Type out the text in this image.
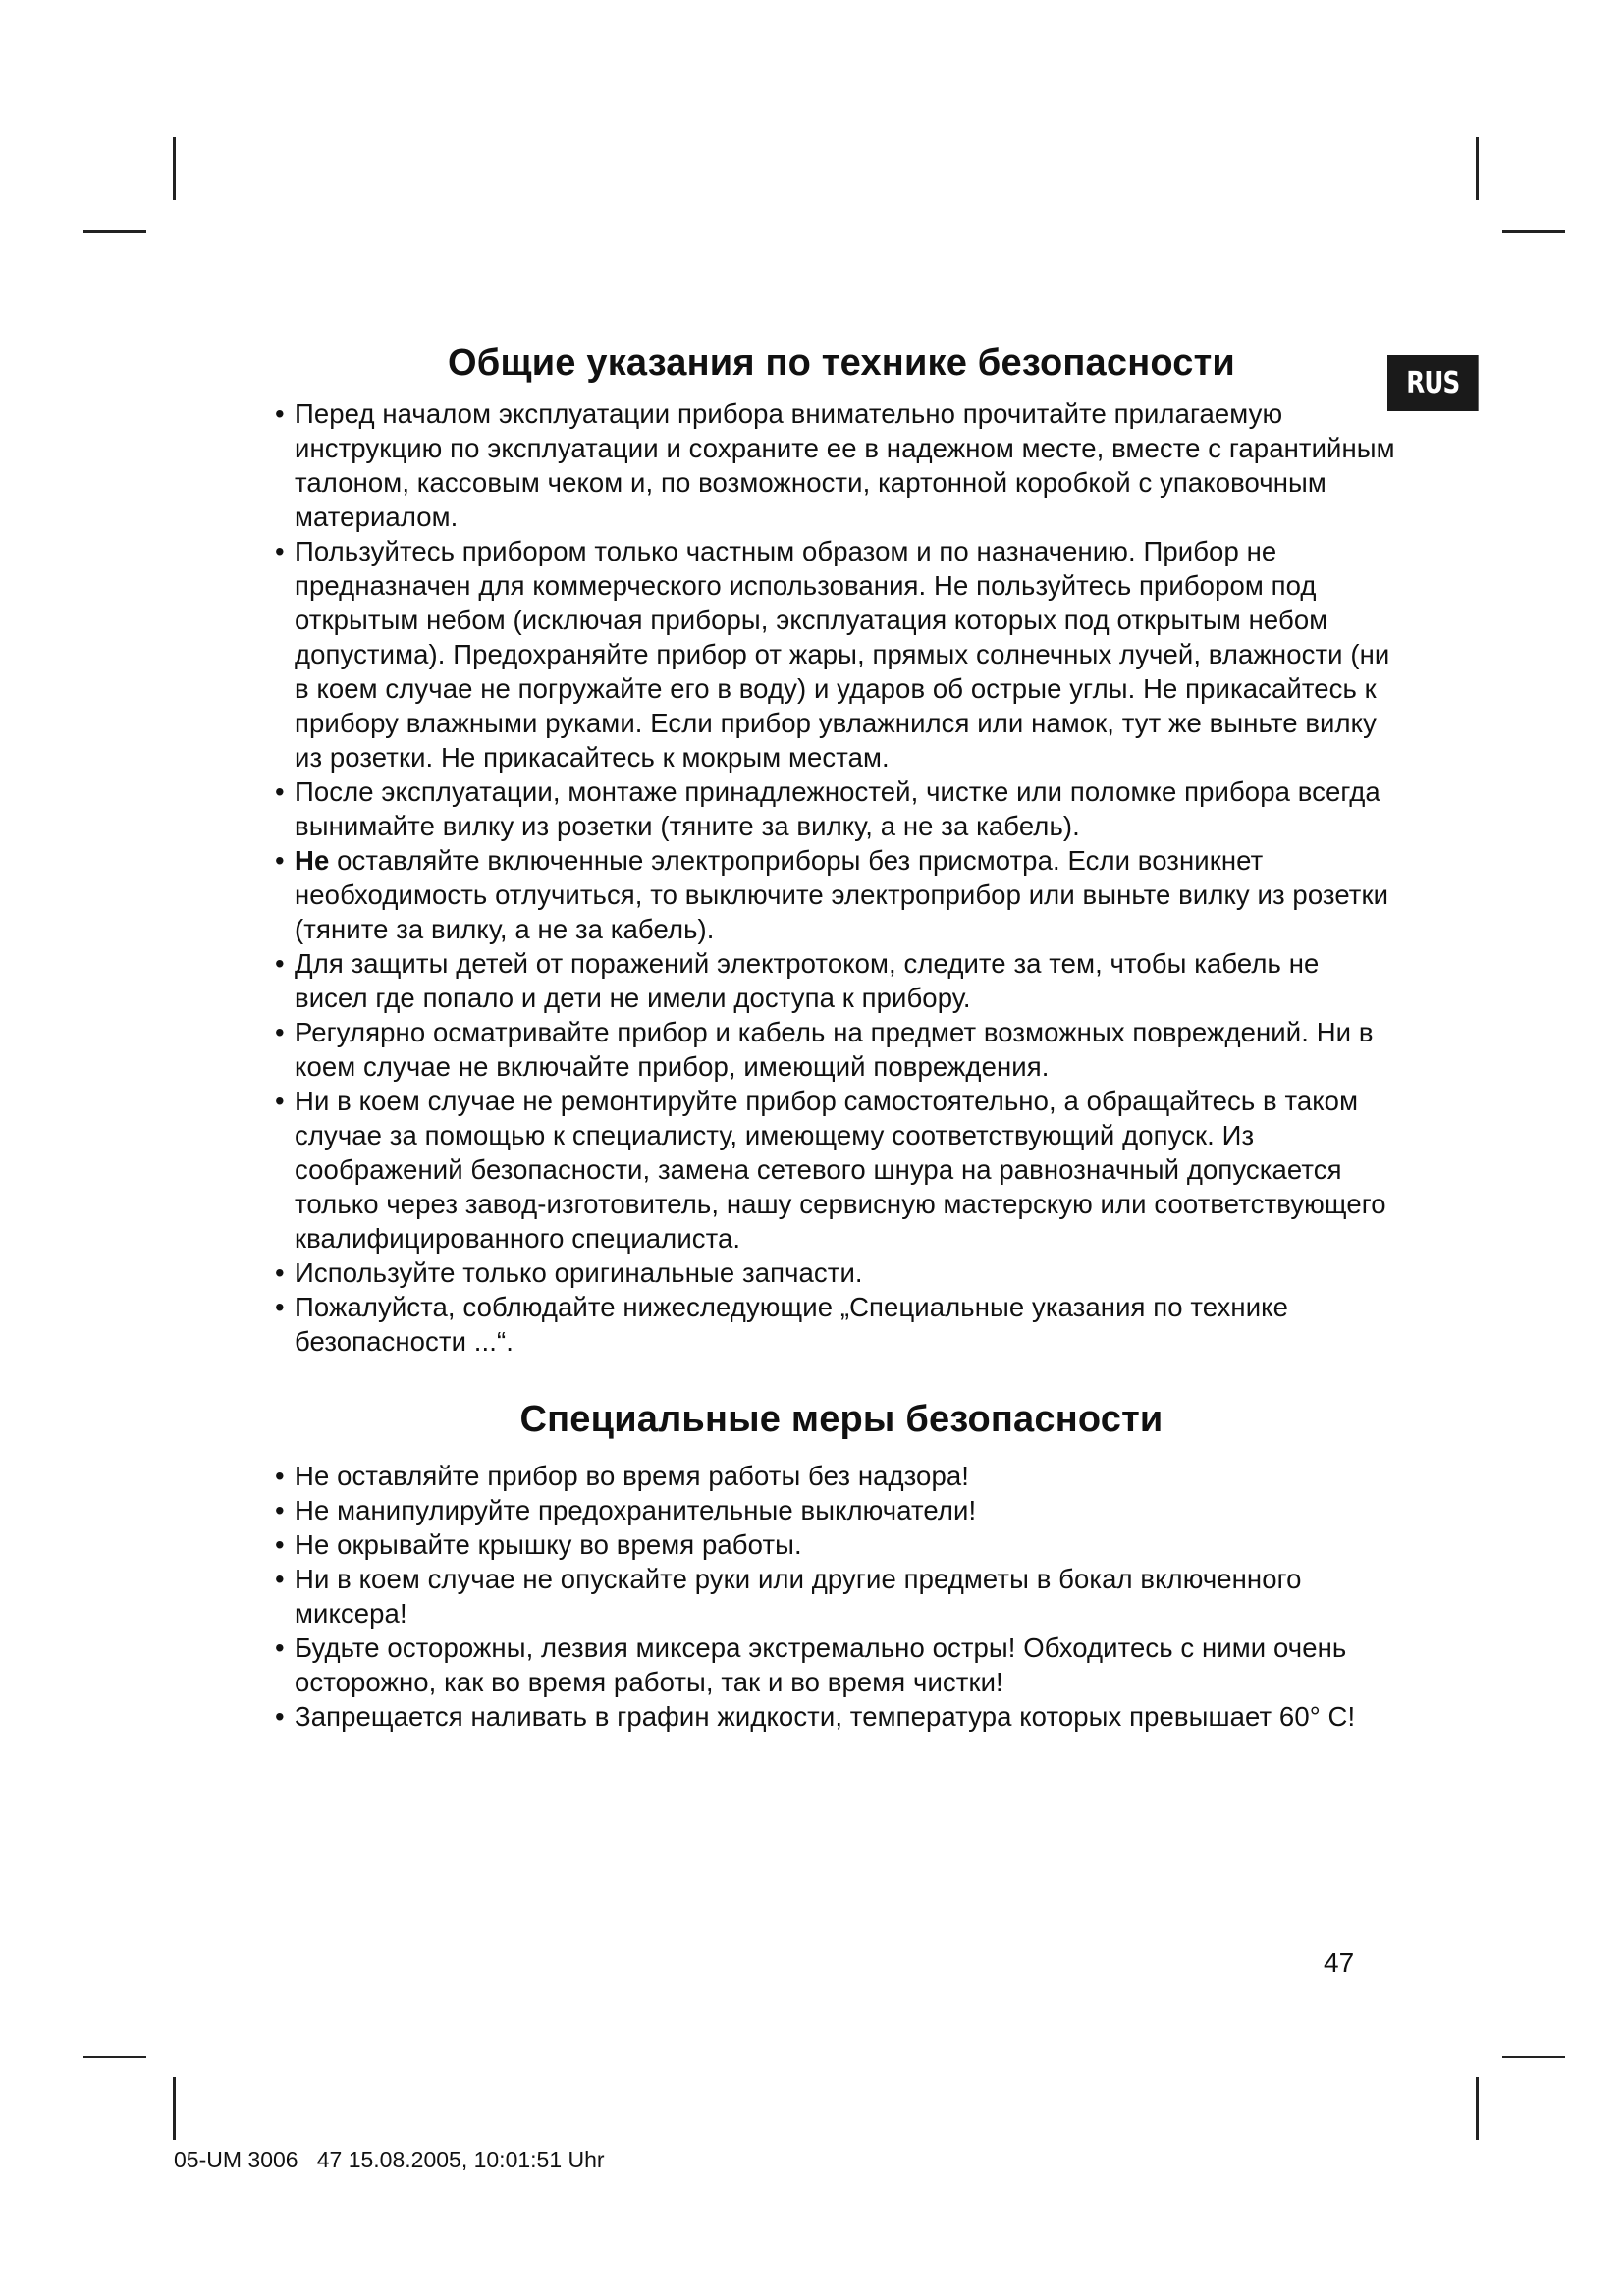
RUS
Общие указания по технике безопасности
• Перед началом эксплуатации прибора внимательно прочитайте прилагаемую инструкцию по эксплуатации и сохраните ее в надежном месте, вместе с гарантийным талоном, кассовым чеком и, по возможности, картонной коробкой с упаковочным материалом.
• Пользуйтесь прибором только частным образом и по назначению. Прибор не предназначен для коммерческого использования. Не пользуйтесь прибором под открытым небом (исключая приборы, эксплуатация которых под открытым небом допустима). Предохраняйте прибор от жары, прямых солнечных лучей, влажности (ни в коем случае не погружайте его в воду) и ударов об острые углы. Не прикасайтесь к прибору влажными руками. Если прибор увлажнился или намок, тут же выньте вилку из розетки. Не прикасайтесь к мокрым местам.
• После эксплуатации, монтаже принадлежностей, чистке или поломке прибора всегда вынимайте вилку из розетки (тяните за вилку, а не за кабель).
• Не оставляйте включенные электроприборы без присмотра. Если возникнет необходимость отлучиться, то выключите электроприбор или выньте вилку из розетки (тяните за вилку, а не за кабель).
• Для защиты детей от поражений электротоком, следите за тем, чтобы кабель не висел где попало и дети не имели доступа к прибору.
• Регулярно осматривайте прибор и кабель на предмет возможных повреждений. Ни в коем случае не включайте прибор, имеющий повреждения.
• Ни в коем случае не ремонтируйте прибор самостоятельно, а обращайтесь в таком случае за помощью к специалисту, имеющему соответствующий допуск. Из соображений безопасности, замена сетевого шнура на равнозначный допускается только через завод-изготовитель, нашу сервисную мастерскую или соответствующего квалифицированного специалиста.
• Используйте только оригинальные запчасти.
• Пожалуйста, соблюдайте нижеследующие „Специальные указания по технике безопасности ...“.
Специальные меры безопасности
• Не оставляйте прибор во время работы без надзора!
• Не манипулируйте предохранительные выключатели!
• Не окрывайте крышку во время работы.
• Ни в коем случае не опускайте руки или другие предметы в бокал включенного миксера!
• Будьте осторожны, лезвия миксера экстремально остры! Обходитесь с ними очень осторожно, как во время работы, так и во время чистки!
• Запрещается наливать в графин жидкости, температура которых превышает 60° C!
47
05-UM 3006   47 15.08.2005, 10:01:51 Uhr
